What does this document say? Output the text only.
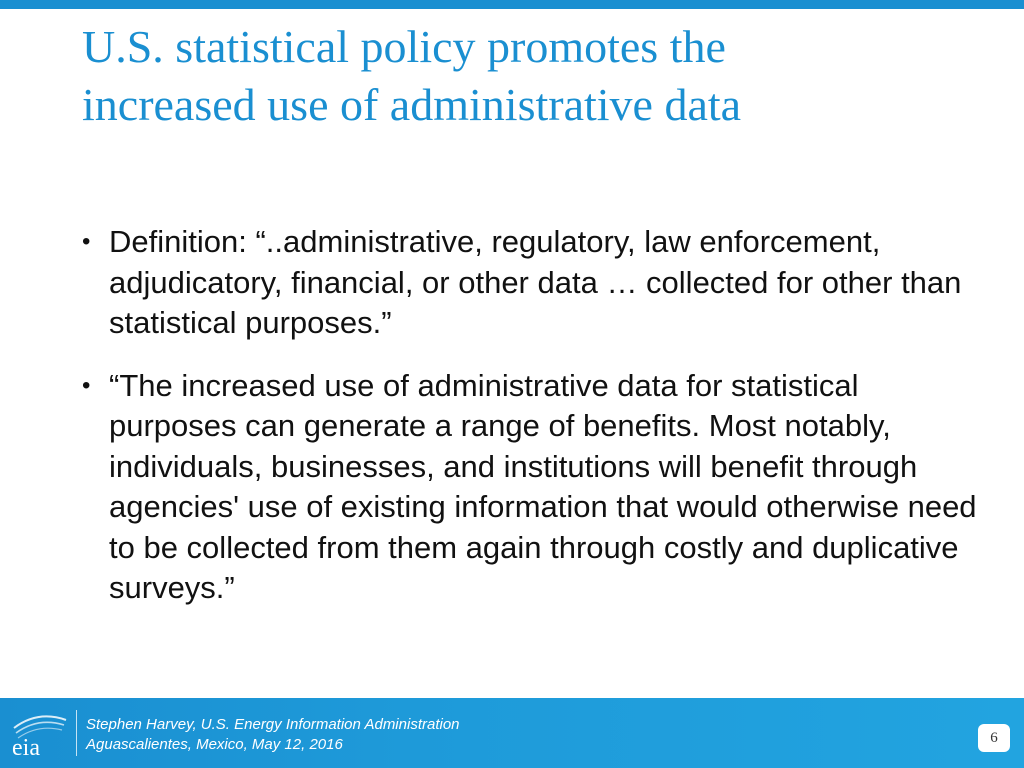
U.S. statistical policy promotes the
increased use of administrative data
• Definition: “..administrative, regulatory, law enforcement, adjudicatory, financial, or other data … collected for other than statistical purposes.”
• “The increased use of administrative data for statistical purposes can generate a range of benefits. Most notably, individuals, businesses, and institutions will benefit through agencies' use of existing information that would otherwise need to be collected from them again through costly and duplicative surveys.”
eia
Stephen Harvey, U.S. Energy Information Administration
Aguascalientes, Mexico, May 12, 2016	6
